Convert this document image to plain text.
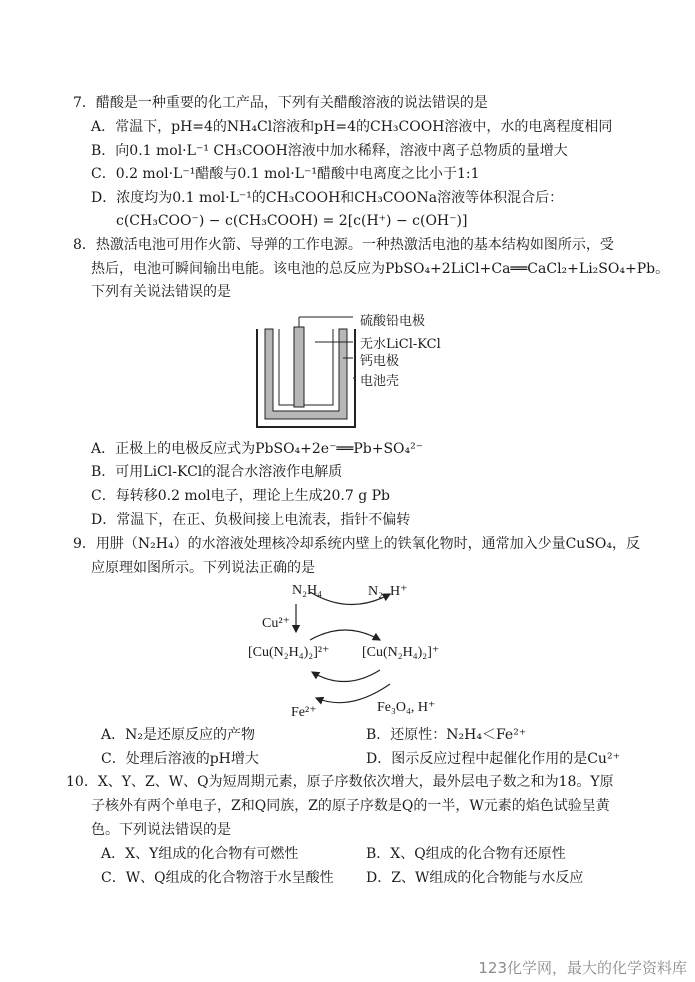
7．醋酸是一种重要的化工产品，下列有关醋酸溶液的说法错误的是
A．常温下，pH=4的NH₄Cl溶液和pH=4的CH₃COOH溶液中，水的电离程度相同
B．向0.1 mol·L⁻¹ CH₃COOH溶液中加水稀释，溶液中离子总物质的量增大
C．0.2 mol·L⁻¹醋酸与0.1 mol·L⁻¹醋酸中电离度之比小于1:1
D．浓度均为0.1 mol·L⁻¹的CH₃COOH和CH₃COONa溶液等体积混合后：
c(CH₃COO⁻) − c(CH₃COOH) = 2[c(H⁺) − c(OH⁻)]
8．热激活电池可用作火箭、导弹的工作电源。一种热激活电池的基本结构如图所示，受
热后，电池可瞬间输出电能。该电池的总反应为PbSO₄+2LiCl+Ca══CaCl₂+Li₂SO₄+Pb。
下列有关说法错误的是
硫酸铅电极
无水LiCl-KCl
钙电极
电池壳
A．正极上的电极反应式为PbSO₄+2e⁻══Pb+SO₄²⁻
B．可用LiCl-KCl的混合水溶液作电解质
C．每转移0.2 mol电子，理论上生成20.7 g Pb
D．常温下，在正、负极间接上电流表，指针不偏转
9．用肼（N₂H₄）的水溶液处理核冷却系统内壁上的铁氧化物时，通常加入少量CuSO₄，反
应原理如图所示。下列说法正确的是
N₂H₄	N₂, H⁺
Cu²⁺
[Cu(N₂H₄)₂]²⁺ [Cu(N₂H₄)₂]⁺
Fe²⁺	Fe₃O₄, H⁺
A．N₂是还原反应的产物	B．还原性：N₂H₄＜Fe²⁺
C．处理后溶液的pH增大	D．图示反应过程中起催化作用的是Cu²⁺
10．X、Y、Z、W、Q为短周期元素，原子序数依次增大，最外层电子数之和为18。Y原
子核外有两个单电子，Z和Q同族，Z的原子序数是Q的一半，W元素的焰色试验呈黄
色。下列说法错误的是
A．X、Y组成的化合物有可燃性	B．X、Q组成的化合物有还原性
C．W、Q组成的化合物溶于水呈酸性 D．Z、W组成的化合物能与水反应
123化学网，最大的化学资料库
